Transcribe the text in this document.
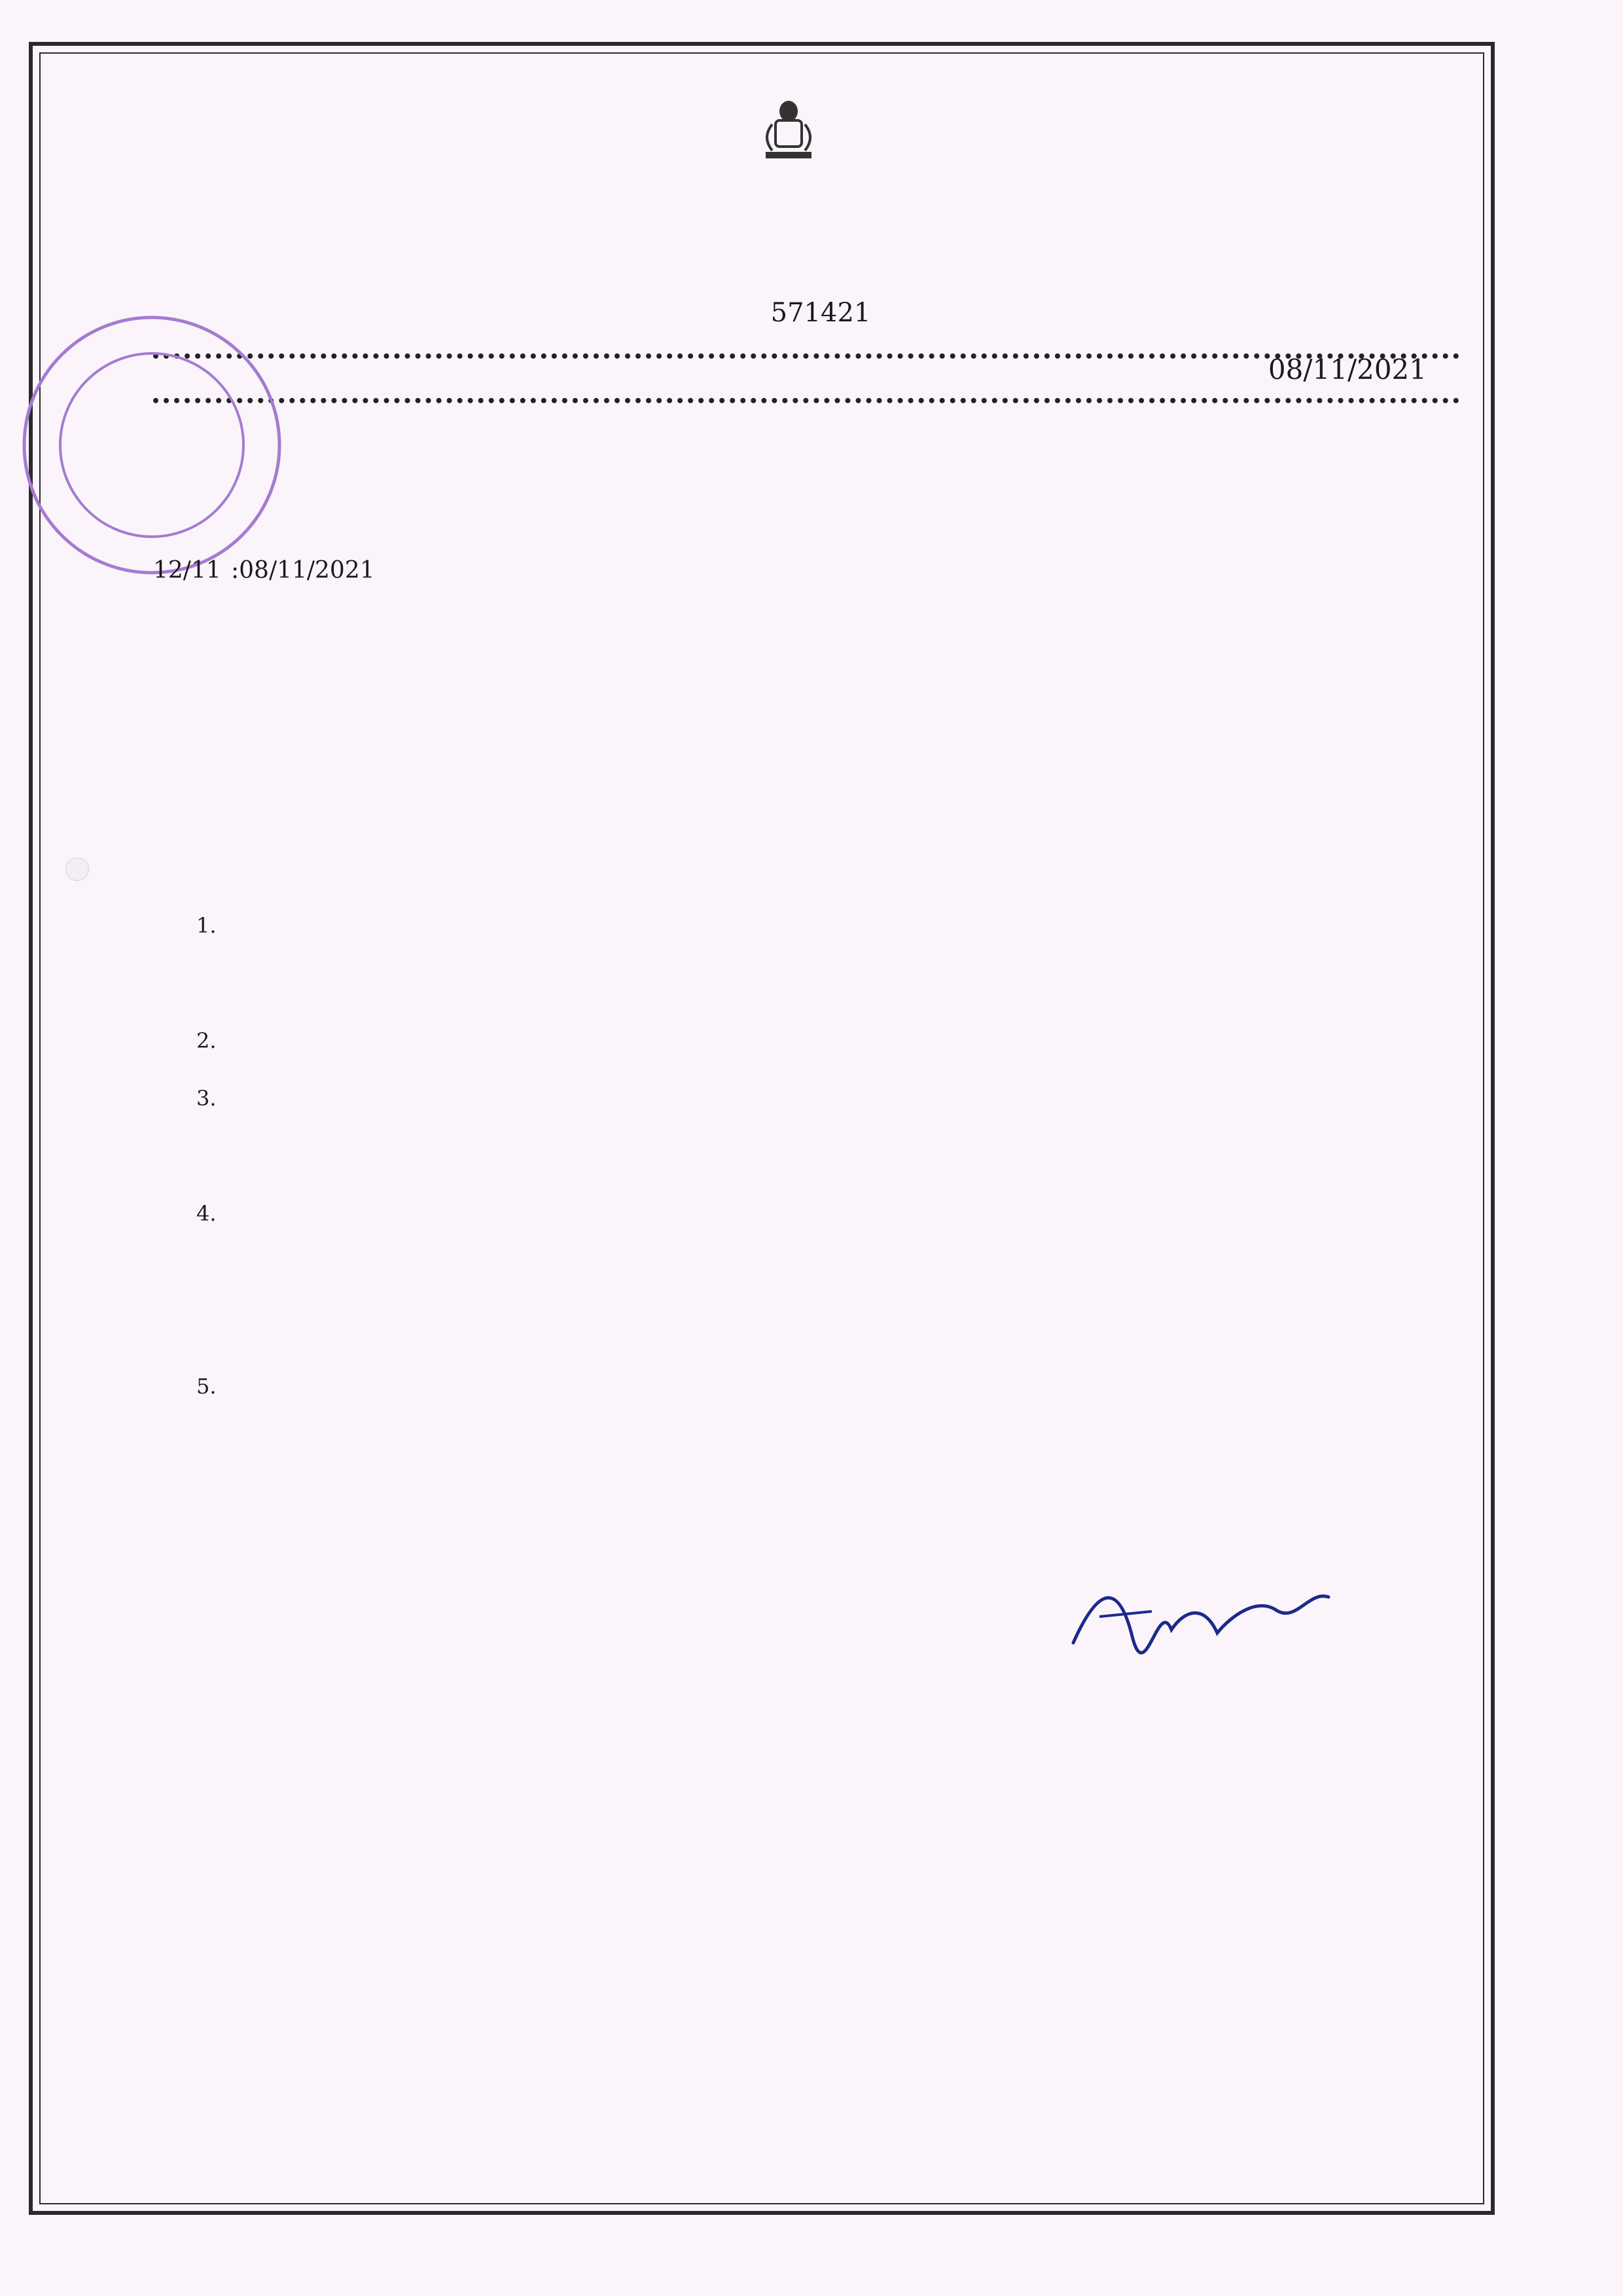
571421
08/11/2021
12/11 :08/11/2021
1.
2.
3.
4.
5.
